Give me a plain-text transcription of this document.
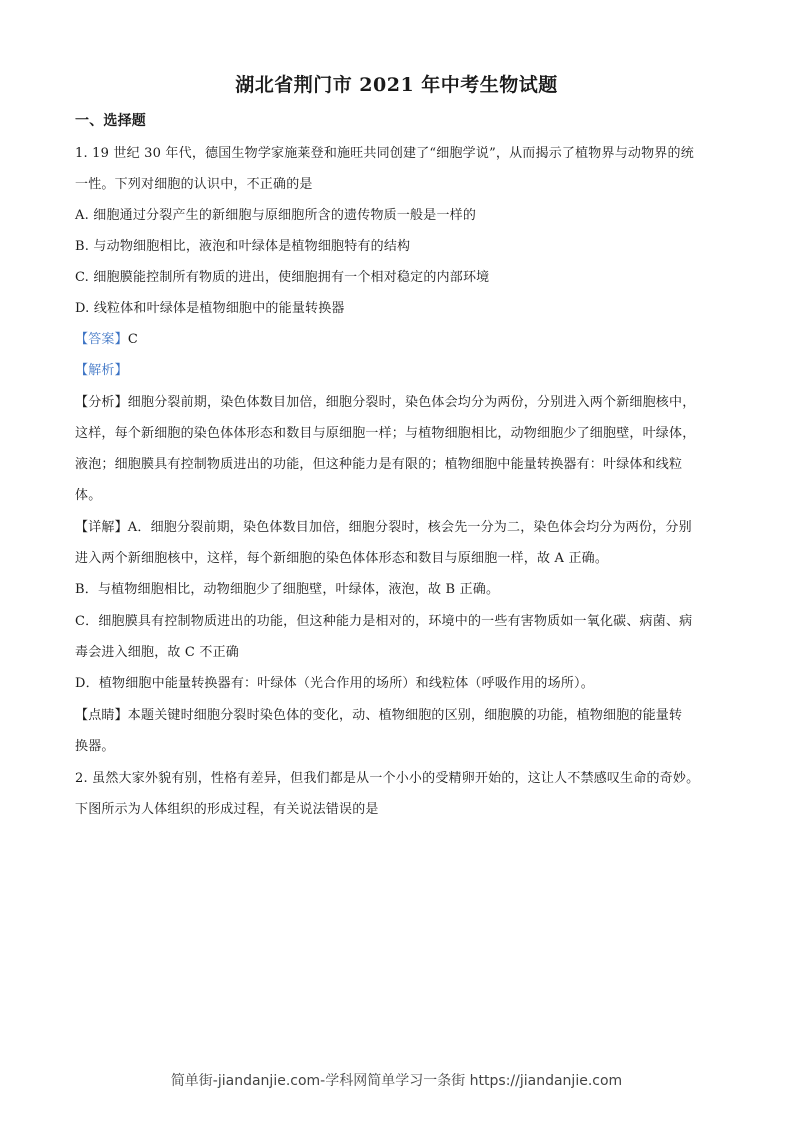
湖北省荆门市 2021 年中考生物试题
一、选择题
1. 19 世纪 30 年代，德国生物学家施莱登和施旺共同创建了“细胞学说”，从而揭示了植物界与动物界的统
一性。下列对细胞的认识中，不正确的是
A. 细胞通过分裂产生的新细胞与原细胞所含的遗传物质一般是一样的
B. 与动物细胞相比，液泡和叶绿体是植物细胞特有的结构
C. 细胞膜能控制所有物质的进出，使细胞拥有一个相对稳定的内部环境
D. 线粒体和叶绿体是植物细胞中的能量转换器
【答案】C
【解析】
【分析】细胞分裂前期，染色体数目加倍，细胞分裂时，染色体会均分为两份，分别进入两个新细胞核中，
这样，每个新细胞的染色体体形态和数目与原细胞一样；与植物细胞相比，动物细胞少了细胞壁，叶绿体，
液泡；细胞膜具有控制物质进出的功能，但这种能力是有限的；植物细胞中能量转换器有：叶绿体和线粒
体。
【详解】A．细胞分裂前期，染色体数目加倍，细胞分裂时，核会先一分为二，染色体会均分为两份，分别
进入两个新细胞核中，这样，每个新细胞的染色体体形态和数目与原细胞一样，故 A 正确。
B．与植物细胞相比，动物细胞少了细胞壁，叶绿体，液泡，故 B 正确。
C．细胞膜具有控制物质进出的功能，但这种能力是相对的，环境中的一些有害物质如一氧化碳、病菌、病
毒会进入细胞，故 C 不正确
D．植物细胞中能量转换器有：叶绿体（光合作用的场所）和线粒体（呼吸作用的场所）。
【点睛】本题关键时细胞分裂时染色体的变化，动、植物细胞的区别，细胞膜的功能，植物细胞的能量转
换器。
2. 虽然大家外貌有别，性格有差异，但我们都是从一个小小的受精卵开始的，这让人不禁感叹生命的奇妙。
下图所示为人体组织的形成过程，有关说法错误的是
简单街-jiandanjie.com-学科网简单学习一条街 https://jiandanjie.com
